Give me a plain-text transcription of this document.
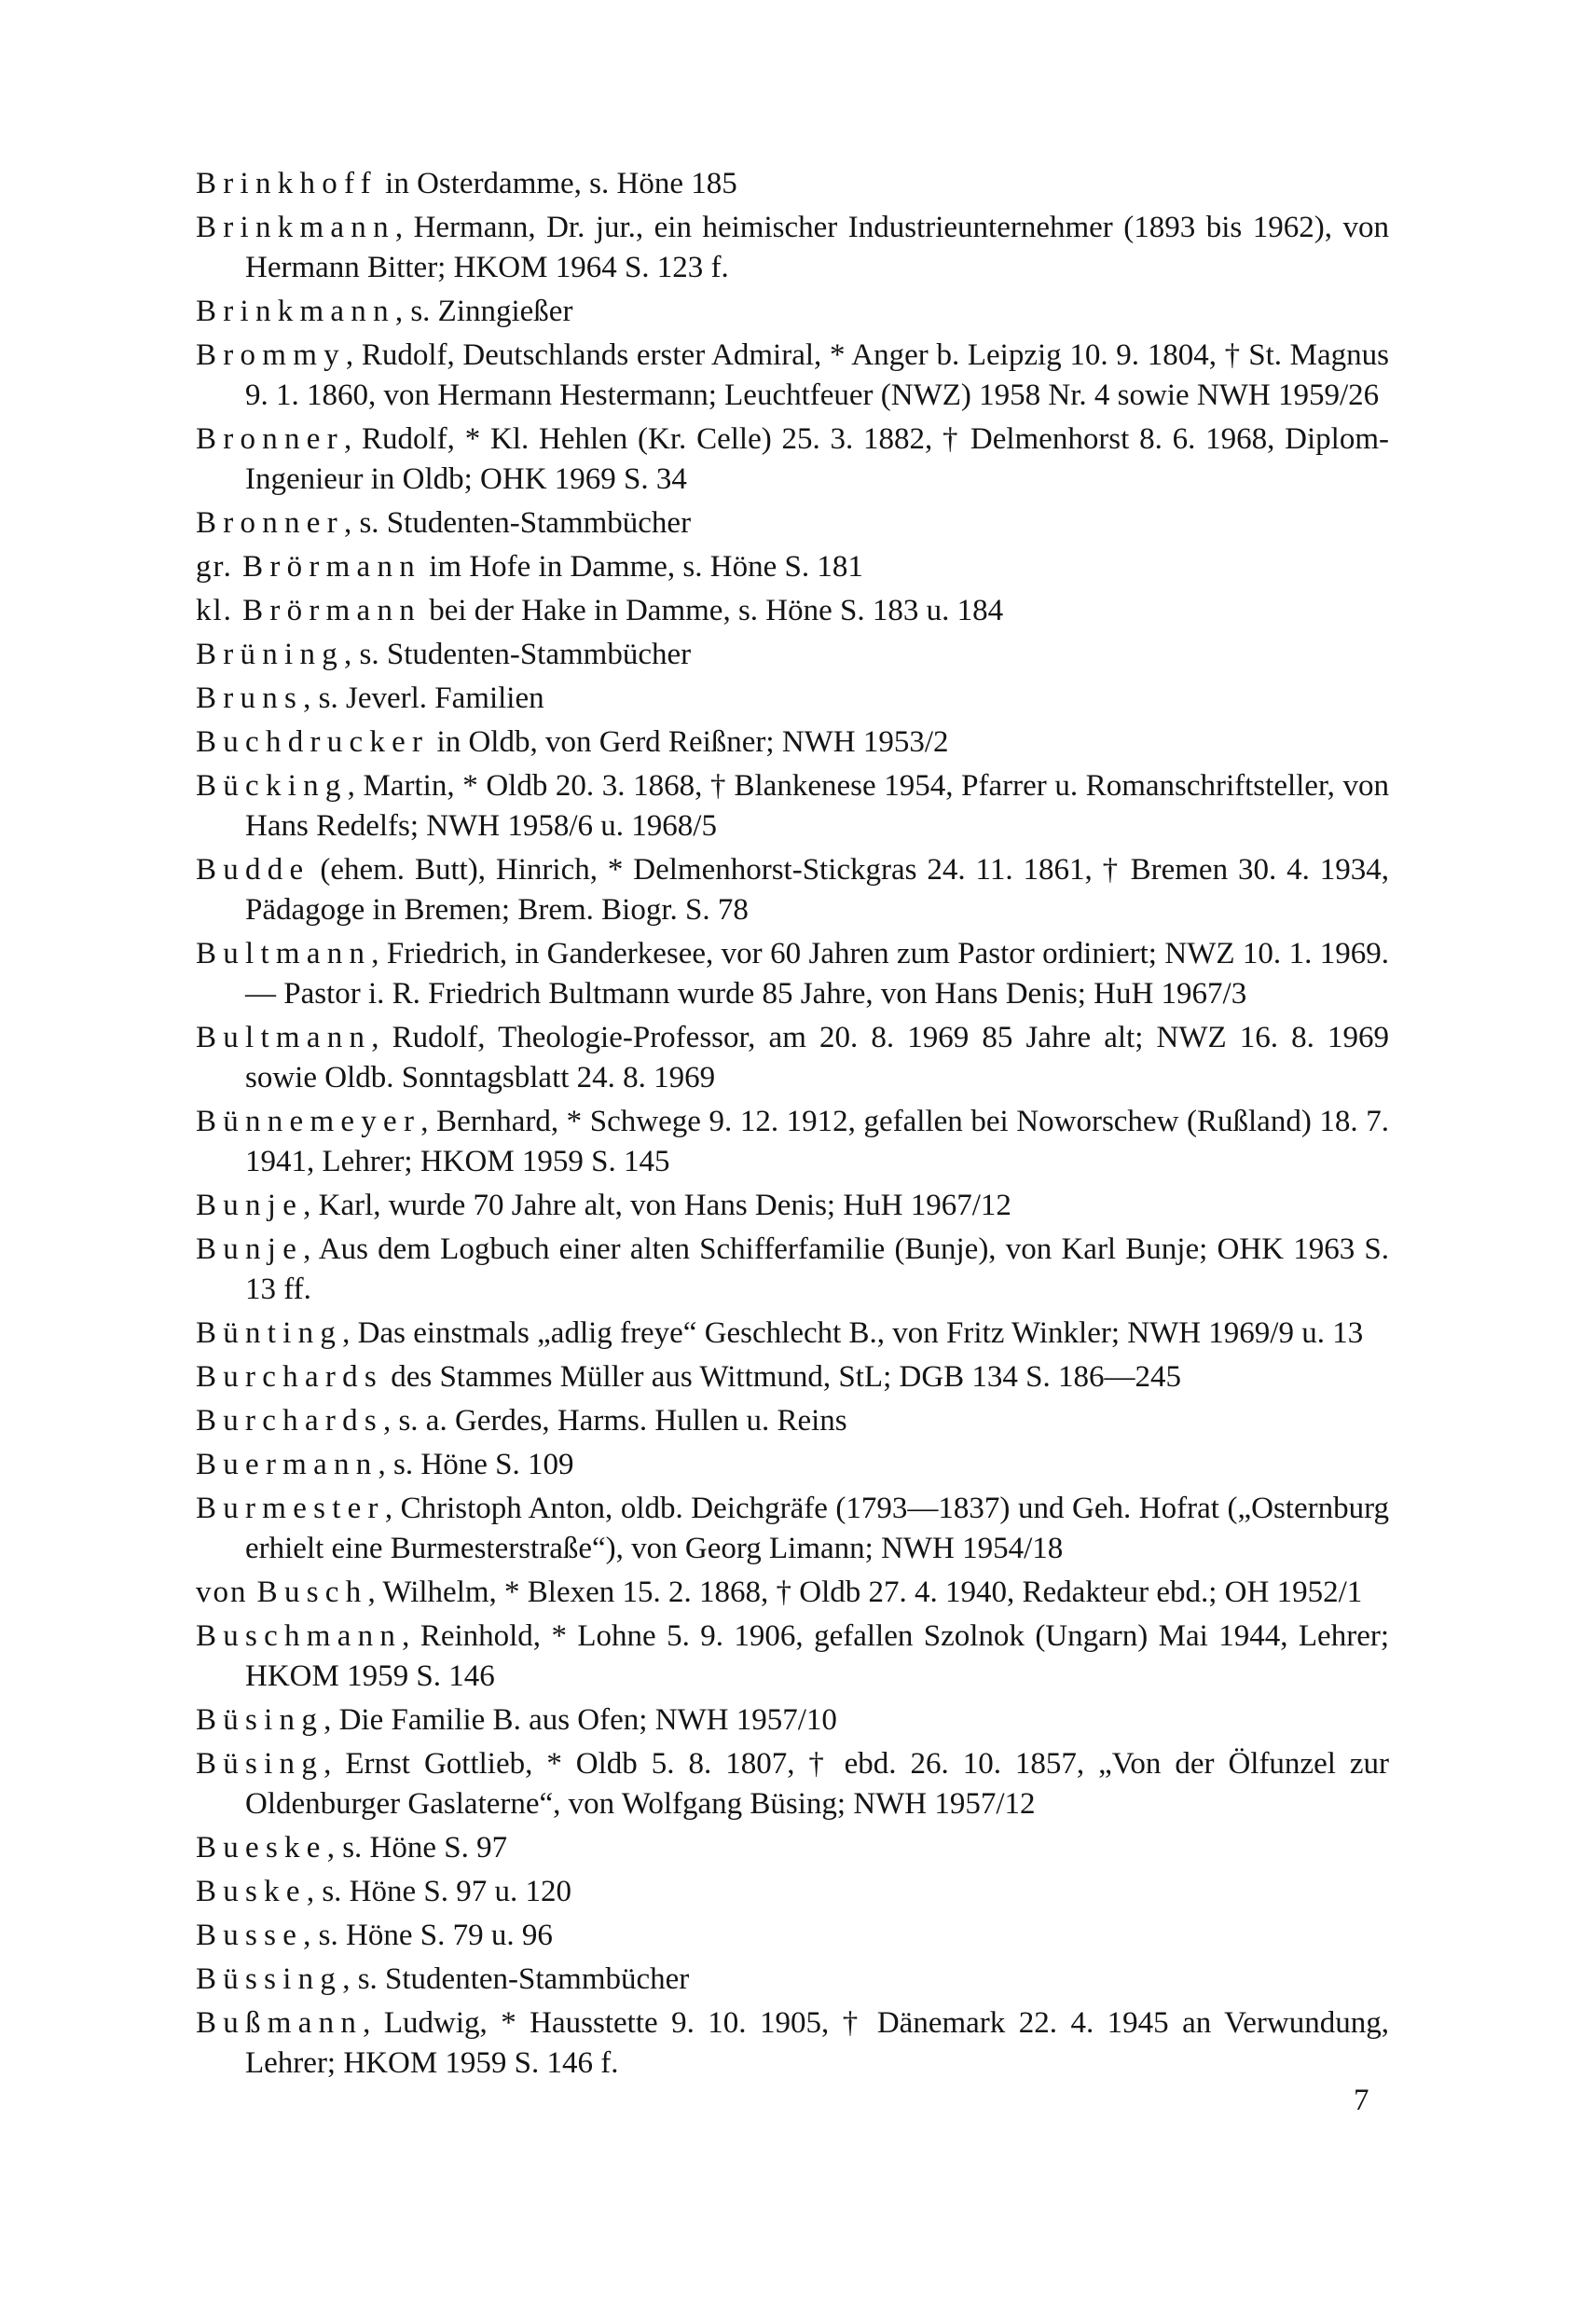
Brinkhoff in Osterdamme, s. Höne 185
Brinkmann, Hermann, Dr. jur., ein heimischer Industrieunternehmer (1893 bis 1962), von Hermann Bitter; HKOM 1964 S. 123 f.
Brinkmann, s. Zinngießer
Brommy, Rudolf, Deutschlands erster Admiral, * Anger b. Leipzig 10. 9. 1804, † St. Magnus 9. 1. 1860, von Hermann Hestermann; Leuchtfeuer (NWZ) 1958 Nr. 4 sowie NWH 1959/26
Bronner, Rudolf, * Kl. Hehlen (Kr. Celle) 25. 3. 1882, † Delmenhorst 8. 6. 1968, Diplom-Ingenieur in Oldb; OHK 1969 S. 34
Bronner, s. Studenten-Stammbücher
gr. Brörmann im Hofe in Damme, s. Höne S. 181
kl. Brörmann bei der Hake in Damme, s. Höne S. 183 u. 184
Brüning, s. Studenten-Stammbücher
Bruns, s. Jeverl. Familien
Buchdrucker in Oldb, von Gerd Reißner; NWH 1953/2
Bücking, Martin, * Oldb 20. 3. 1868, † Blankenese 1954, Pfarrer u. Romanschriftsteller, von Hans Redelfs; NWH 1958/6 u. 1968/5
Budde (ehem. Butt), Hinrich, * Delmenhorst-Stickgras 24. 11. 1861, † Bremen 30. 4. 1934, Pädagoge in Bremen; Brem. Biogr. S. 78
Bultmann, Friedrich, in Ganderkesee, vor 60 Jahren zum Pastor ordiniert; NWZ 10. 1. 1969. — Pastor i. R. Friedrich Bultmann wurde 85 Jahre, von Hans Denis; HuH 1967/3
Bultmann, Rudolf, Theologie-Professor, am 20. 8. 1969 85 Jahre alt; NWZ 16. 8. 1969 sowie Oldb. Sonntagsblatt 24. 8. 1969
Bünnemeyer, Bernhard, * Schwege 9. 12. 1912, gefallen bei Noworschew (Rußland) 18. 7. 1941, Lehrer; HKOM 1959 S. 145
Bunje, Karl, wurde 70 Jahre alt, von Hans Denis; HuH 1967/12
Bunje, Aus dem Logbuch einer alten Schifferfamilie (Bunje), von Karl Bunje; OHK 1963 S. 13 ff.
Bünting, Das einstmals „adlig freye“ Geschlecht B., von Fritz Winkler; NWH 1969/9 u. 13
Burchards des Stammes Müller aus Wittmund, StL; DGB 134 S. 186—245
Burchards, s. a. Gerdes, Harms. Hullen u. Reins
Buermann, s. Höne S. 109
Burmester, Christoph Anton, oldb. Deichgräfe (1793—1837) und Geh. Hofrat („Osternburg erhielt eine Burmesterstraße“), von Georg Limann; NWH 1954/18
von Busch, Wilhelm, * Blexen 15. 2. 1868, † Oldb 27. 4. 1940, Redakteur ebd.; OH 1952/1
Buschmann, Reinhold, * Lohne 5. 9. 1906, gefallen Szolnok (Ungarn) Mai 1944, Lehrer; HKOM 1959 S. 146
Büsing, Die Familie B. aus Ofen; NWH 1957/10
Büsing, Ernst Gottlieb, * Oldb 5. 8. 1807, † ebd. 26. 10. 1857, „Von der Ölfunzel zur Oldenburger Gaslaterne“, von Wolfgang Büsing; NWH 1957/12
Bueske, s. Höne S. 97
Buske, s. Höne S. 97 u. 120
Busse, s. Höne S. 79 u. 96
Büssing, s. Studenten-Stammbücher
Bußmann, Ludwig, * Hausstette 9. 10. 1905, † Dänemark 22. 4. 1945 an Verwundung, Lehrer; HKOM 1959 S. 146 f.
7
